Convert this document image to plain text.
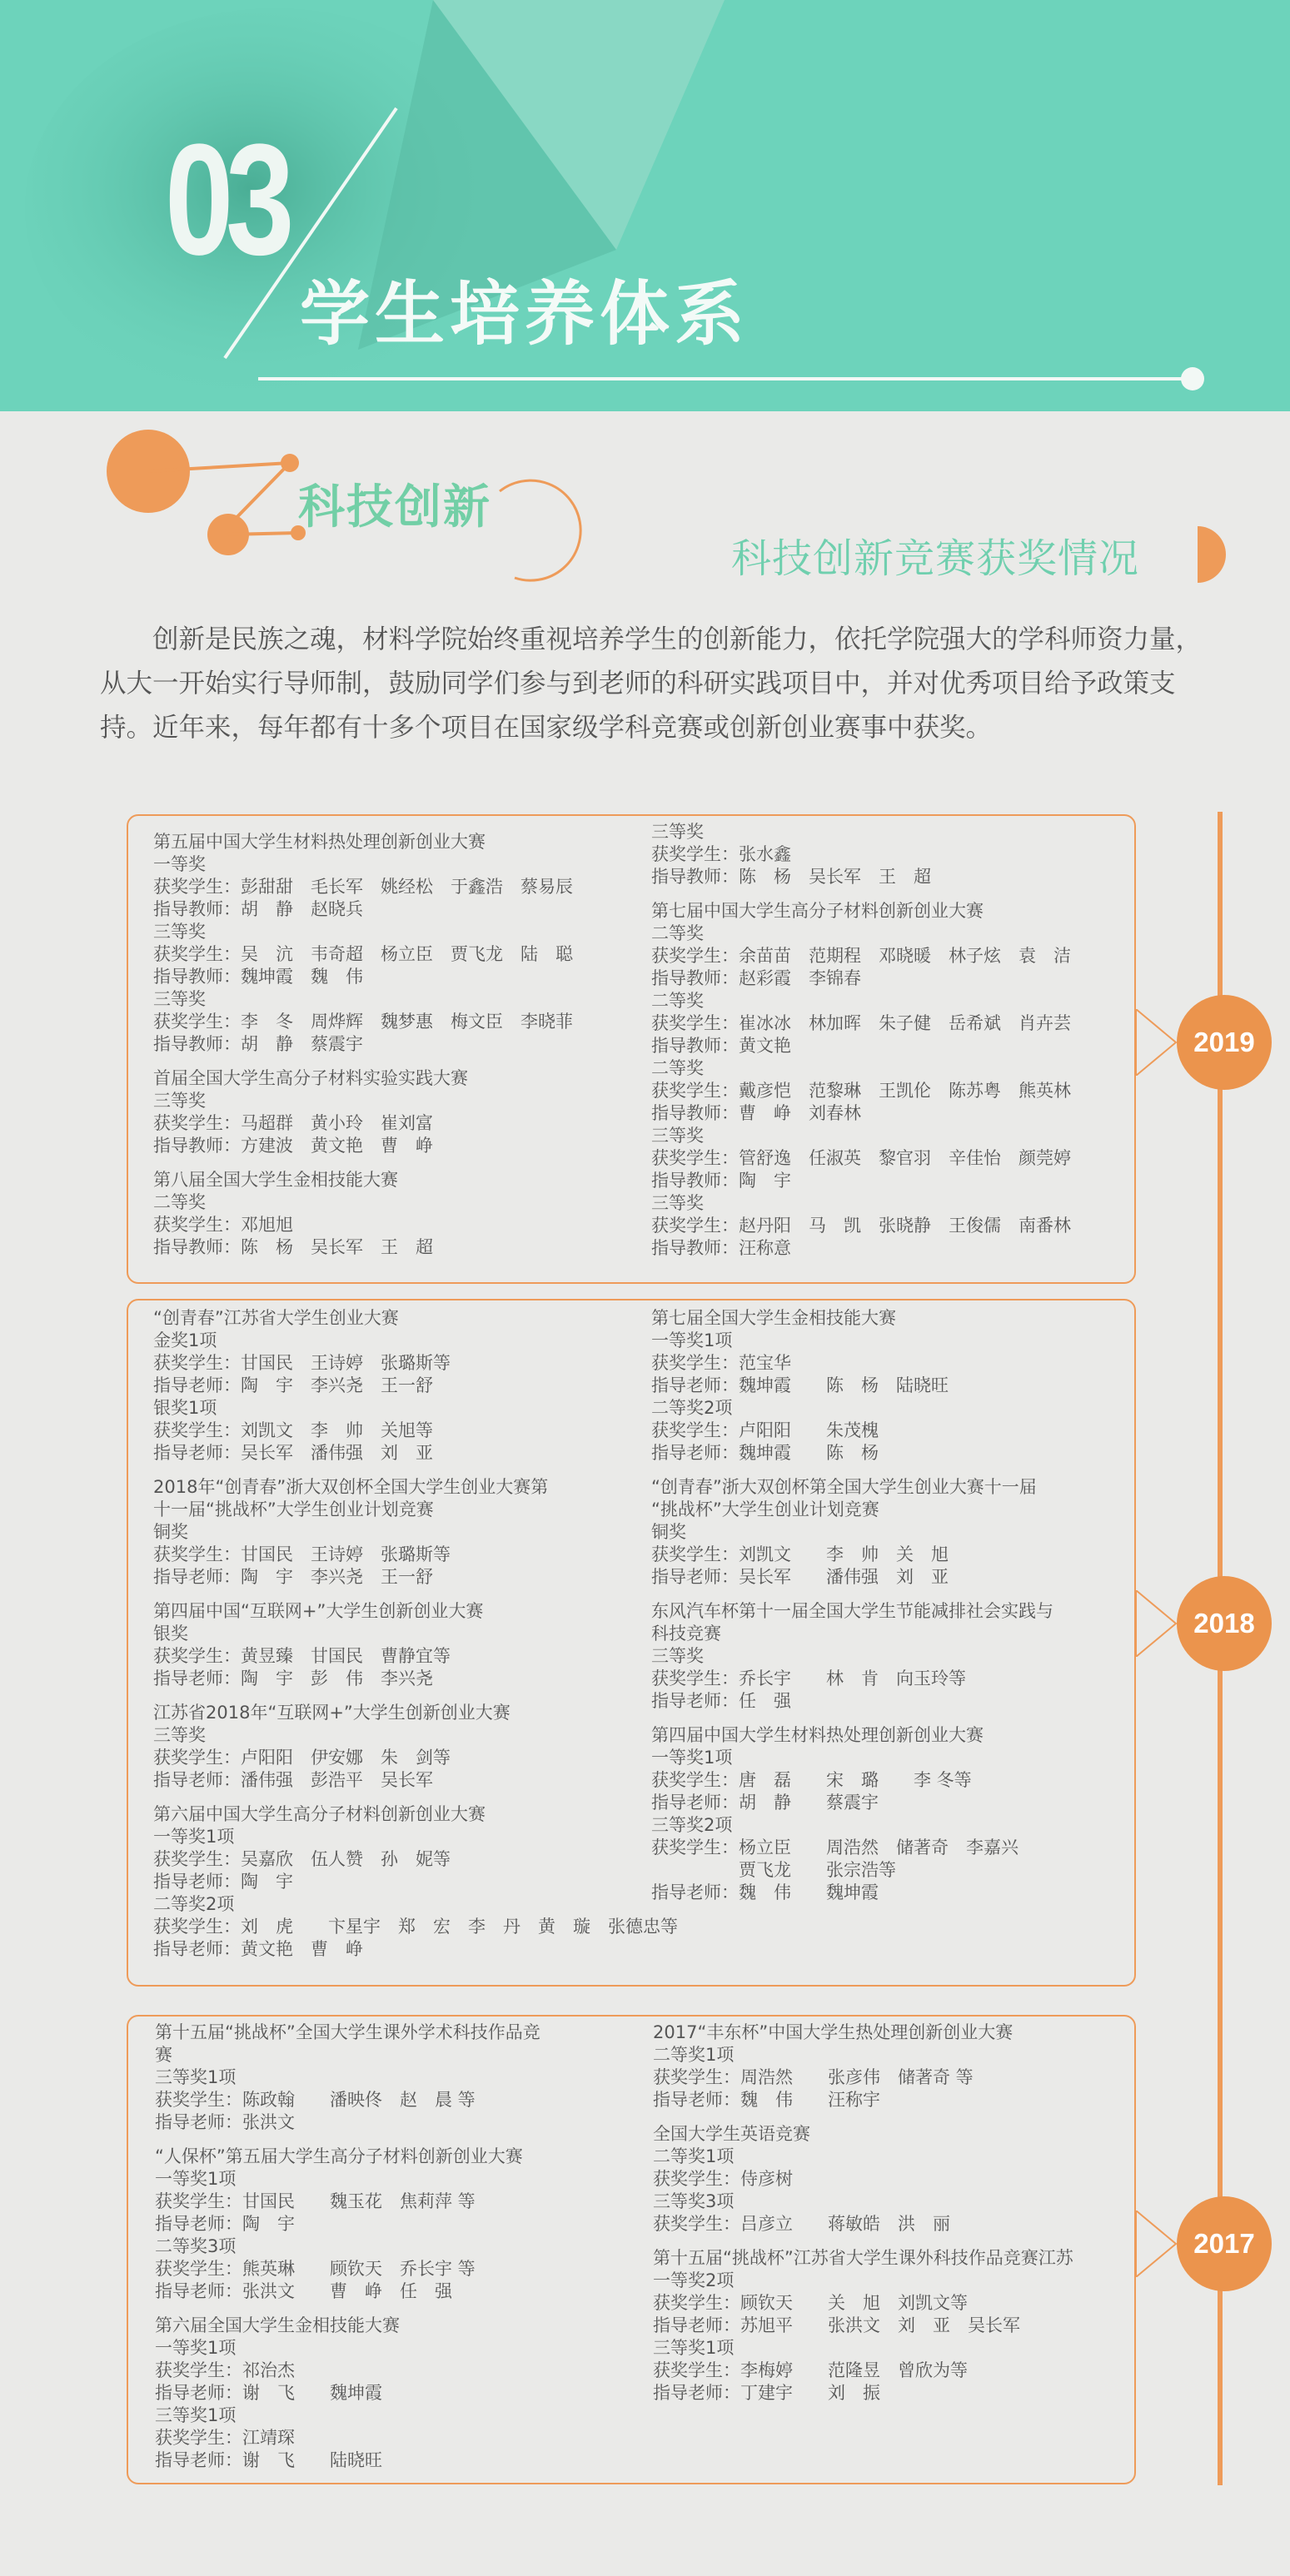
03
学生培养体系
科技创新
科技创新竞赛获奖情况
创新是民族之魂，材料学院始终重视培养学生的创新能力，依托学院强大的学科师资力量，从大一开始实行导师制，鼓励同学们参与到老师的科研实践项目中，并对优秀项目给予政策支持。近年来，每年都有十多个项目在国家级学科竞赛或创新创业赛事中获奖。
第五届中国大学生材料热处理创新创业大赛
一等奖
获奖学生：彭甜甜　毛长军　姚经松　于鑫浩　蔡易辰
指导教师：胡　静　赵晓兵
三等奖
获奖学生：吴　沆　韦奇超　杨立臣　贾飞龙　陆　聪
指导教师：魏坤霞　魏　伟
三等奖
获奖学生：李　冬　周烨辉　魏梦惠　梅文臣　李晓菲
指导教师：胡　静　蔡震宇
首届全国大学生高分子材料实验实践大赛
三等奖
获奖学生：马超群　黄小玲　崔刘富
指导教师：方建波　黄文艳　曹　峥
第八届全国大学生金相技能大赛
二等奖
获奖学生：邓旭旭
指导教师：陈　杨　吴长军　王　超
三等奖
获奖学生：张水鑫
指导教师：陈　杨　吴长军　王　超
第七届中国大学生高分子材料创新创业大赛
二等奖
获奖学生：余苗苗　范期程　邓晓暖　林子炫　袁　洁
指导教师：赵彩霞　李锦春
二等奖
获奖学生：崔冰冰　林加晖　朱子健　岳希斌　肖卉芸
指导教师：黄文艳
二等奖
获奖学生：戴彦恺　范黎琳　王凯伦　陈苏粤　熊英林
指导教师：曹　峥　刘春林
三等奖
获奖学生：管舒逸　任淑英　黎官羽　辛佳怡　颜莞婷
指导教师：陶　宇
三等奖
获奖学生：赵丹阳　马　凯　张晓静　王俊儒　南番林
指导教师：汪称意
2019
“创青春”江苏省大学生创业大赛
金奖1项
获奖学生：甘国民　王诗婷　张璐斯等
指导老师：陶　宇　李兴尧　王一舒
银奖1项
获奖学生：刘凯文　李　帅　关旭等
指导老师：吴长军　潘伟强　刘　亚
2018年“创青春”浙大双创杯全国大学生创业大赛第
十一届“挑战杯”大学生创业计划竞赛
铜奖
获奖学生：甘国民　王诗婷　张璐斯等
指导老师：陶　宇　李兴尧　王一舒
第四届中国“互联网+”大学生创新创业大赛
银奖
获奖学生：黄昱臻　甘国民　曹静宜等
指导老师：陶　宇　彭　伟　李兴尧
江苏省2018年“互联网+”大学生创新创业大赛
三等奖
获奖学生：卢阳阳　伊安娜　朱　剑等
指导老师：潘伟强　彭浩平　吴长军
第六届中国大学生高分子材料创新创业大赛
一等奖1项
获奖学生：吴嘉欣　伍人赞　孙　妮等
指导老师：陶　宇
二等奖2项
获奖学生：刘　虎　　卞星宇　郑　宏　李　丹　黄　璇　张德忠等
指导老师：黄文艳　曹　峥
第七届全国大学生金相技能大赛
一等奖1项
获奖学生：范宝华
指导老师：魏坤霞　　陈　杨　陆晓旺
二等奖2项
获奖学生：卢阳阳　　朱茂槐
指导老师：魏坤霞　　陈　杨
“创青春”浙大双创杯第全国大学生创业大赛十一届
“挑战杯”大学生创业计划竞赛
铜奖
获奖学生：刘凯文　　李　帅　关　旭
指导老师：吴长军　　潘伟强　刘　亚
东风汽车杯第十一届全国大学生节能减排社会实践与
科技竞赛
三等奖
获奖学生：乔长宇　　林　肯　向玉玲等
指导老师：任　强
第四届中国大学生材料热处理创新创业大赛
一等奖1项
获奖学生：唐　磊　　宋　璐　　李 冬等
指导老师：胡　静　　蔡震宇
三等奖2项
获奖学生：杨立臣　　周浩然　储著奇　李嘉兴
　　　　　贾飞龙　　张宗浩等
指导老师：魏　伟　　魏坤霞
2018
第十五届“挑战杯”全国大学生课外学术科技作品竞
赛
三等奖1项
获奖学生：陈政翰　　潘映佟　赵　晨 等
指导老师：张洪文
“人保杯”第五届大学生高分子材料创新创业大赛
一等奖1项
获奖学生：甘国民　　魏玉花　焦莉萍 等
指导老师：陶　宇
二等奖3项
获奖学生：熊英琳　　顾钦天　乔长宇 等
指导老师：张洪文　　曹　峥　任　强
第六届全国大学生金相技能大赛
一等奖1项
获奖学生：祁治杰
指导老师：谢　飞　　魏坤霞
三等奖1项
获奖学生：江靖琛
指导老师：谢　飞　　陆晓旺
2017“丰东杯”中国大学生热处理创新创业大赛
二等奖1项
获奖学生：周浩然　　张彦伟　储著奇 等
指导老师：魏　伟　　汪称宇
全国大学生英语竞赛
二等奖1项
获奖学生：侍彦树
三等奖3项
获奖学生：吕彦立　　蒋敏皓　洪　丽
第十五届“挑战杯”江苏省大学生课外科技作品竞赛江苏
一等奖2项
获奖学生：顾钦天　　关　旭　刘凯文等
指导老师：苏旭平　　张洪文　刘　亚　吴长军
三等奖1项
获奖学生：李梅婷　　范隆昱　曾欣为等
指导老师：丁建宇　　刘　振
2017
